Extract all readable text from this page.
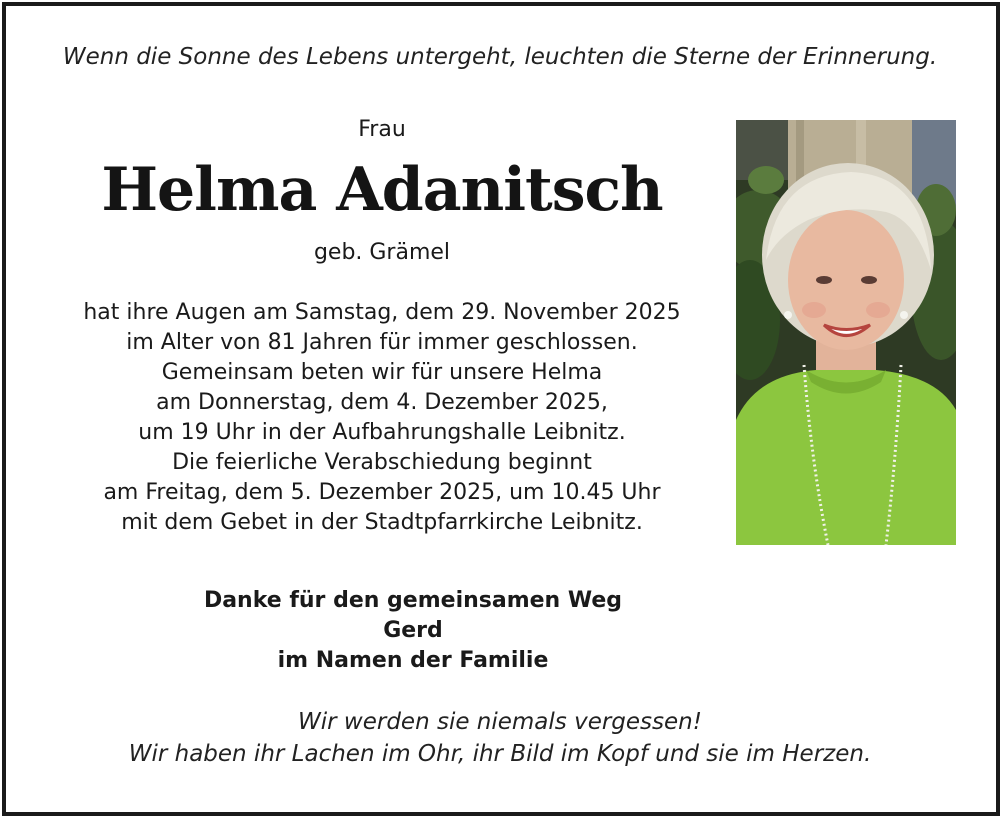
Wenn die Sonne des Lebens untergeht, leuchten die Sterne der Erinnerung.
Frau
Helma Adanitsch
geb. Grämel
hat ihre Augen am Samstag, dem 29. November 2025
im Alter von 81 Jahren für immer geschlossen.
Gemeinsam beten wir für unsere Helma
am Donnerstag, dem 4. Dezember 2025,
um 19 Uhr in der Aufbahrungshalle Leibnitz.
Die feierliche Verabschiedung beginnt
am Freitag, dem 5. Dezember 2025, um 10.45 Uhr
mit dem Gebet in der Stadtpfarrkirche Leibnitz.
Danke für den gemeinsamen Weg
Gerd
im Namen der Familie
Wir werden sie niemals vergessen!
Wir haben ihr Lachen im Ohr, ihr Bild im Kopf und sie im Herzen.
